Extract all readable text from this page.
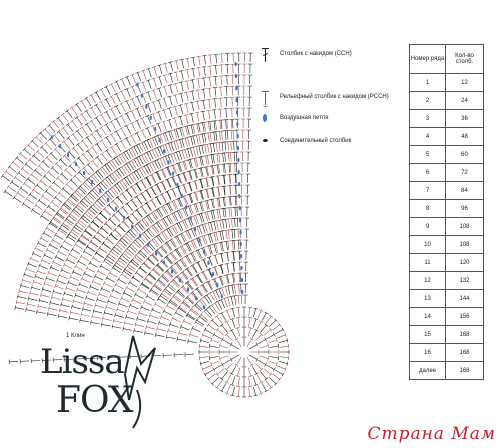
Столбик с накидом (ССН)
Рельефный столбик с накидом (РССН)
Воздушная петля
Соединительный столбик
Номер ряда	Кол-во столб.
1	12
2	24
3	36
4	48
5	60
6	72
7	84
8	96
9	108
10	108
11	120
12	132
13	144
14	156
15	168
16	168
далее	168
1 Клин
Lissa
FOX
Страна Мам
